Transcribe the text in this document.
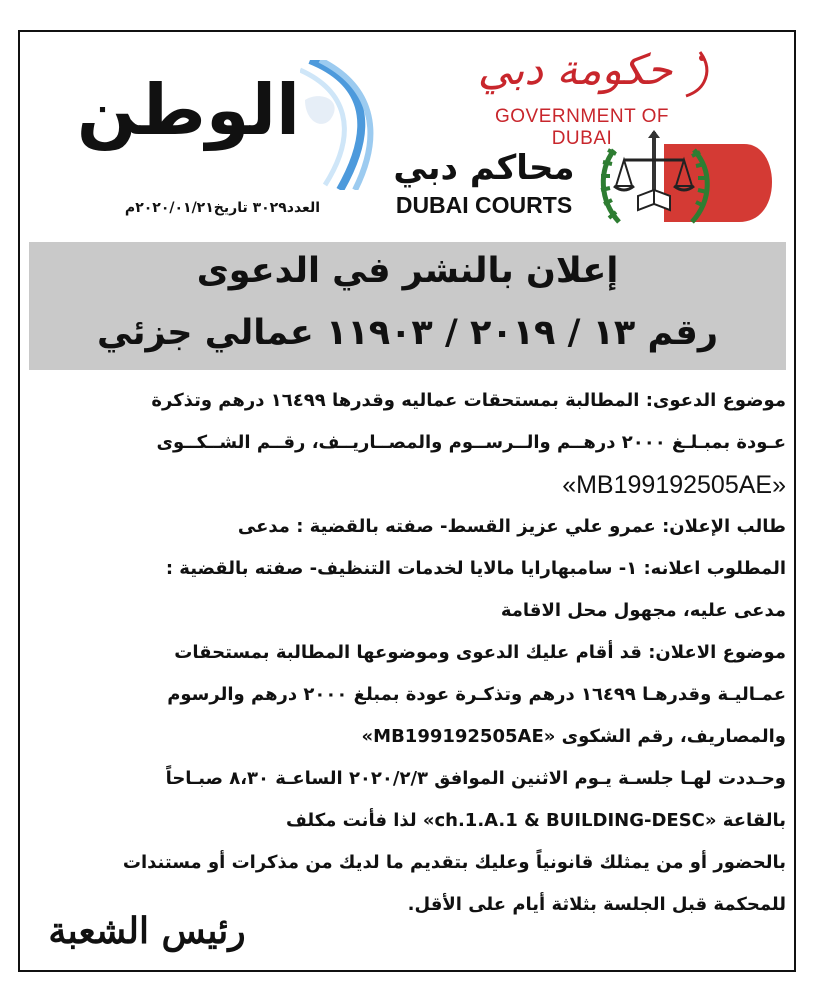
حكومة دبي
GOVERNMENT OF DUBAI
الوطن
العدد٣٠٢٩ تاريخ٢٠٢٠/٠١/٢١م
محاكم دبي
DUBAI COURTS
إعلان بالنشر في الدعوى
رقم ١٣ / ٢٠١٩ / ١١٩٠٣ عمالي جزئي
موضوع الدعوى: المطالبة بمستحقات عماليه وقدرها ١٦٤٩٩ درهم وتذكرة
عـودة بمبـلـغ ٢٠٠٠ درهــم والــرســوم والمصــاريــف، رقــم الشــكــوى
«MB199192505AE»
طالب الإعلان: عمرو علي عزيز القسط- صفته بالقضية : مدعى
المطلوب اعلانه: ١- سامبهارايا مالايا لخدمات التنظيف- صفته بالقضية :
مدعى عليه، مجهول محل الاقامة
موضوع الاعلان: قد أقام عليك الدعوى وموضوعها المطالبة بمستحقات
عمـاليـة وقدرهـا ١٦٤٩٩ درهم وتذكـرة عودة بمبلغ ٢٠٠٠ درهم والرسوم
والمصاريف، رقم الشكوى «MB199192505AE»
وحـددت لهـا جلسـة يـوم الاثنين الموافق ٢٠٢٠/٢/٣ الساعـة ٨،٣٠ صبـاحاً
بالقاعة «ch.1.A.1 & BUILDING-DESC» لذا فأنت مكلف
بالحضور أو من يمثلك قانونياً وعليك بتقديم ما لديك من مذكرات أو مستندات
للمحكمة قبل الجلسة بثلاثة أيام على الأقل.
رئيس الشعبة
